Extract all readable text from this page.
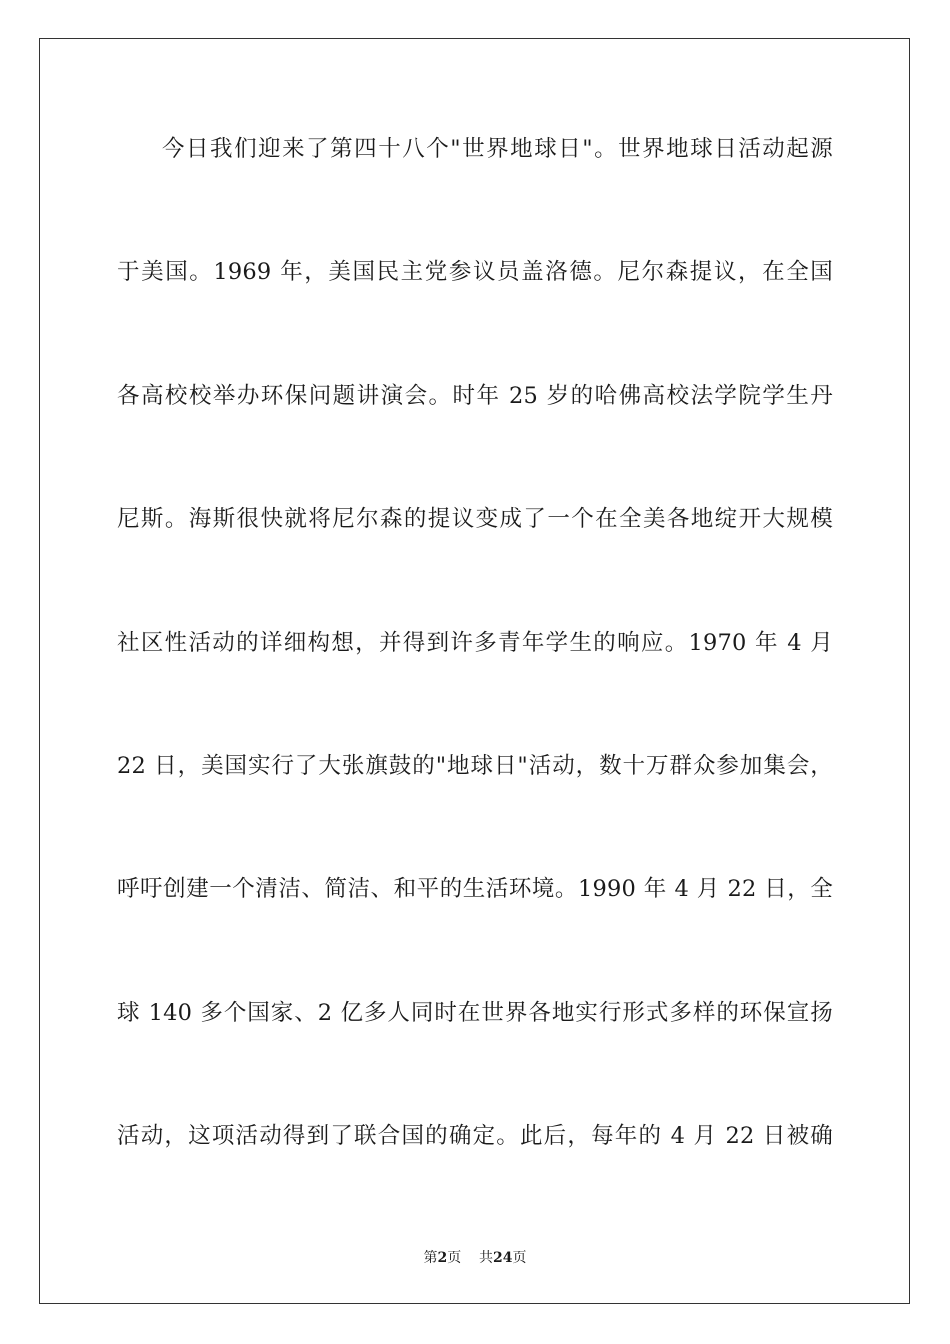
今日我们迎来了第四十八个"世界地球日"。世界地球日活动起源
于美国。1969 年，美国民主党参议员盖洛德。尼尔森提议，在全国
各高校校举办环保问题讲演会。时年 25 岁的哈佛高校法学院学生丹
尼斯。海斯很快就将尼尔森的提议变成了一个在全美各地绽开大规模
社区性活动的详细构想，并得到许多青年学生的响应。1970 年 4 月
22 日，美国实行了大张旗鼓的"地球日"活动，数十万群众参加集会，
呼吁创建一个清洁、简洁、和平的生活环境。1990 年 4 月 22 日，全
球 140 多个国家、2 亿多人同时在世界各地实行形式多样的环保宣扬
活动，这项活动得到了联合国的确定。此后，每年的 4 月 22 日被确
第2页 共24页
